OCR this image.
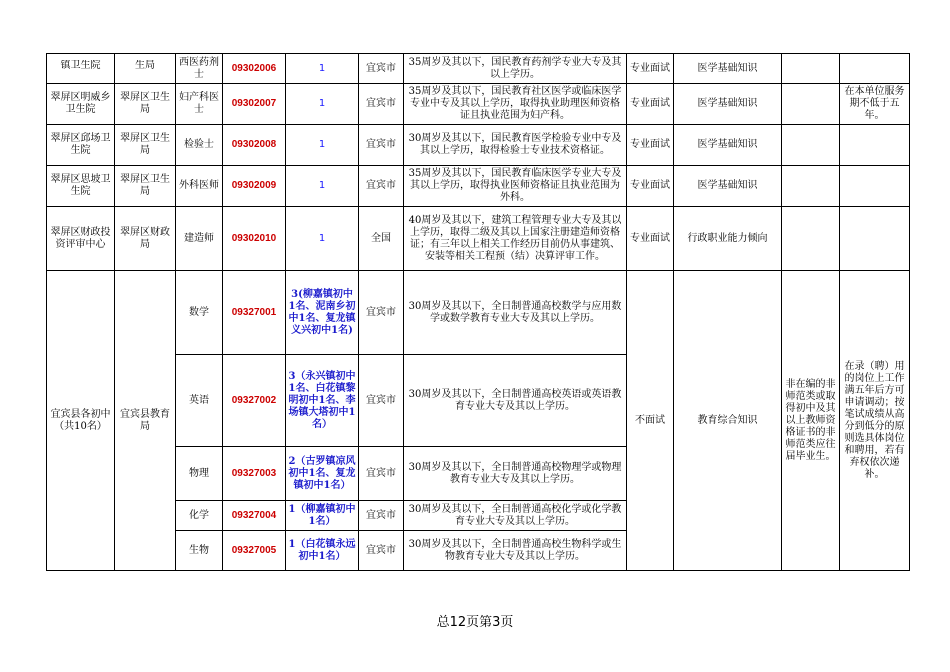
镇卫生院	生局	西医药剂士	09302006	1	宜宾市	35周岁及其以下，国民教育药剂学专业大专及其以上学历。	专业面试	医学基础知识		
翠屏区明威乡卫生院	翠屏区卫生局	妇产科医士	09302007	1	宜宾市	35周岁及其以下，国民教育社区医学或临床医学专业中专及其以上学历，取得执业助理医师资格证且执业范围为妇产科。	专业面试	医学基础知识		在本单位服务期不低于五年。
翠屏区邱场卫生院	翠屏区卫生局	检验士	09302008	1	宜宾市	30周岁及其以下，国民教育医学检验专业中专及其以上学历，取得检验士专业技术资格证。	专业面试	医学基础知识		
翠屏区思坡卫生院	翠屏区卫生局	外科医师	09302009	1	宜宾市	35周岁及其以下，国民教育临床医学专业大专及其以上学历，取得执业医师资格证且执业范围为外科。	专业面试	医学基础知识		
翠屏区财政投资评审中心	翠屏区财政局	建造师	09302010	1	全国	40周岁及其以下，建筑工程管理专业大专及其以上学历，取得二级及其以上国家注册建造师资格证；有三年以上相关工作经历目前仍从事建筑、安装等相关工程预（结）决算评审工作。	专业面试	行政职业能力倾向		
宜宾县各初中（共10名）	宜宾县教育局	数学	09327001	3(柳嘉镇初中1名、泥南乡初中1名、复龙镇义兴初中1名)	宜宾市	30周岁及其以下，全日制普通高校数学与应用数学或数学教育专业大专及其以上学历。	不面试	教育综合知识	非在编的非师范类或取得初中及其以上教师资格证书的非师范类应往届毕业生。	在录（聘）用的岗位上工作满五年后方可申请调动；按笔试成绩从高分到低分的原则选具体岗位和聘用，若有弃权依次递补。
		英语	09327002	3（永兴镇初中1名、白花镇黎明初中1名、李场镇大塔初中1名）	宜宾市	30周岁及其以下，全日制普通高校英语或英语教育专业大专及其以上学历。				
		物理	09327003	2（古罗镇凉风初中1名、复龙镇初中1名）	宜宾市	30周岁及其以下，全日制普通高校物理学或物理教育专业大专及其以上学历。				
		化学	09327004	1（柳嘉镇初中1名）	宜宾市	30周岁及其以下，全日制普通高校化学或化学教育专业大专及其以上学历。				
		生物	09327005	1（白花镇永远初中1名）	宜宾市	30周岁及其以下，全日制普通高校生物科学或生物教育专业大专及其以上学历。				
总12页第3页
